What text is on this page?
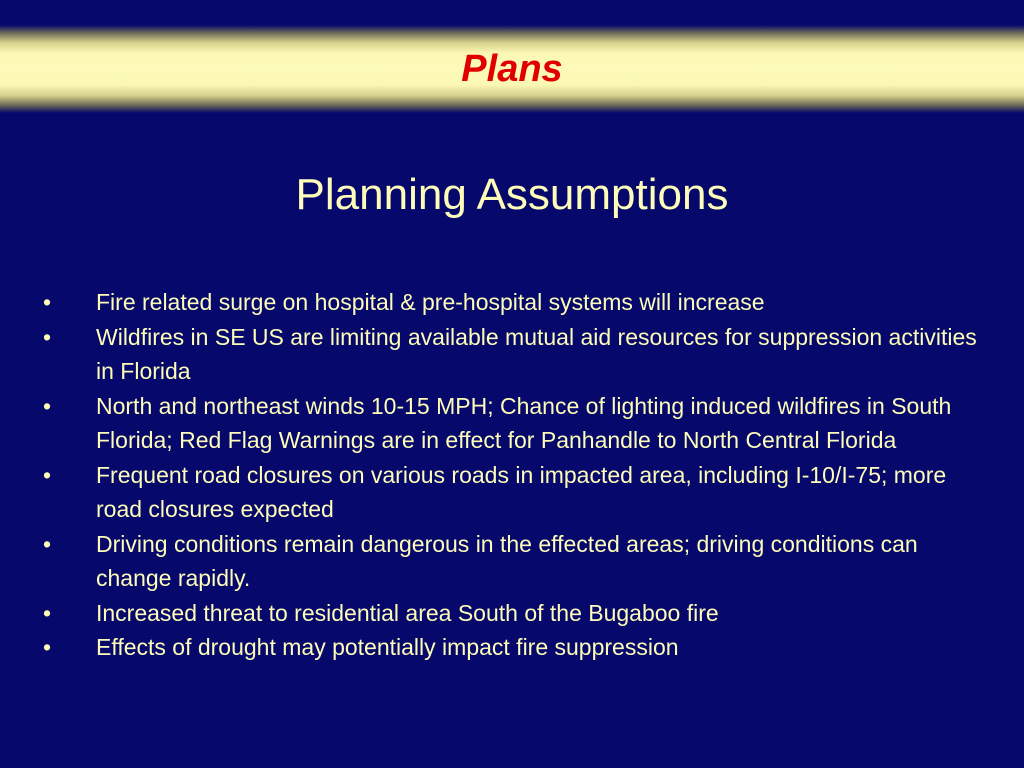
Plans
Planning Assumptions
• Fire related surge on hospital & pre-hospital systems will increase
• Wildfires in SE US are limiting available mutual aid resources for suppression activities in Florida
• North and northeast winds 10-15 MPH; Chance of lighting induced wildfires in South Florida; Red Flag Warnings are in effect for Panhandle to North Central Florida
• Frequent road closures on various roads in impacted area, including I-10/I-75; more road closures expected
• Driving conditions remain dangerous in the effected areas; driving conditions can change rapidly.
• Increased threat to residential area South of the Bugaboo fire
• Effects of drought may potentially impact fire suppression
